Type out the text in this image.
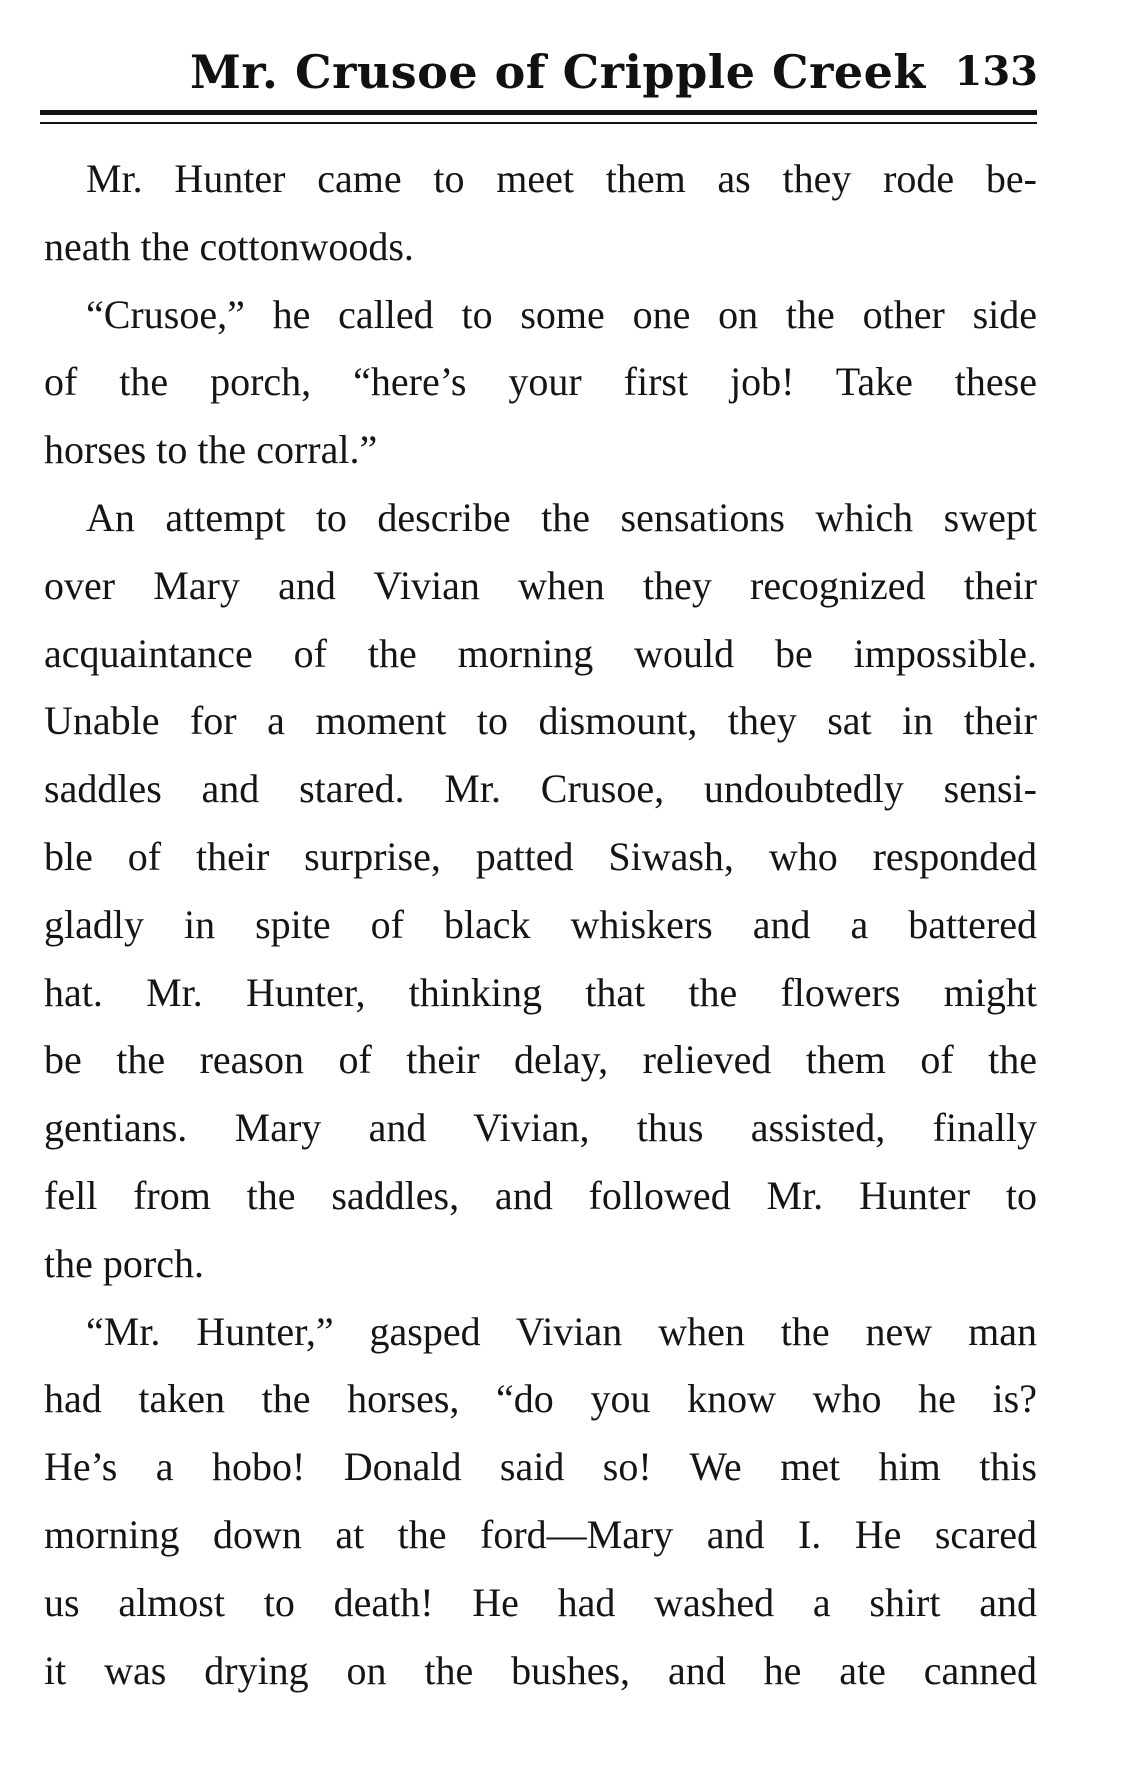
Mr. Crusoe of Cripple Creek 133
Mr. Hunter came to meet them as they rode be-
neath the cottonwoods.
“Crusoe,” he called to some one on the other side
of the porch, “here’s your first job! Take these
horses to the corral.”
An attempt to describe the sensations which swept
over Mary and Vivian when they recognized their
acquaintance of the morning would be impossible.
Unable for a moment to dismount, they sat in their
saddles and stared. Mr. Crusoe, undoubtedly sensi-
ble of their surprise, patted Siwash, who responded
gladly in spite of black whiskers and a battered
hat. Mr. Hunter, thinking that the flowers might
be the reason of their delay, relieved them of the
gentians. Mary and Vivian, thus assisted, finally
fell from the saddles, and followed Mr. Hunter to
the porch.
“Mr. Hunter,” gasped Vivian when the new man
had taken the horses, “do you know who he is?
He’s a hobo! Donald said so! We met him this
morning down at the ford—Mary and I. He scared
us almost to death! He had washed a shirt and
it was drying on the bushes, and he ate canned
